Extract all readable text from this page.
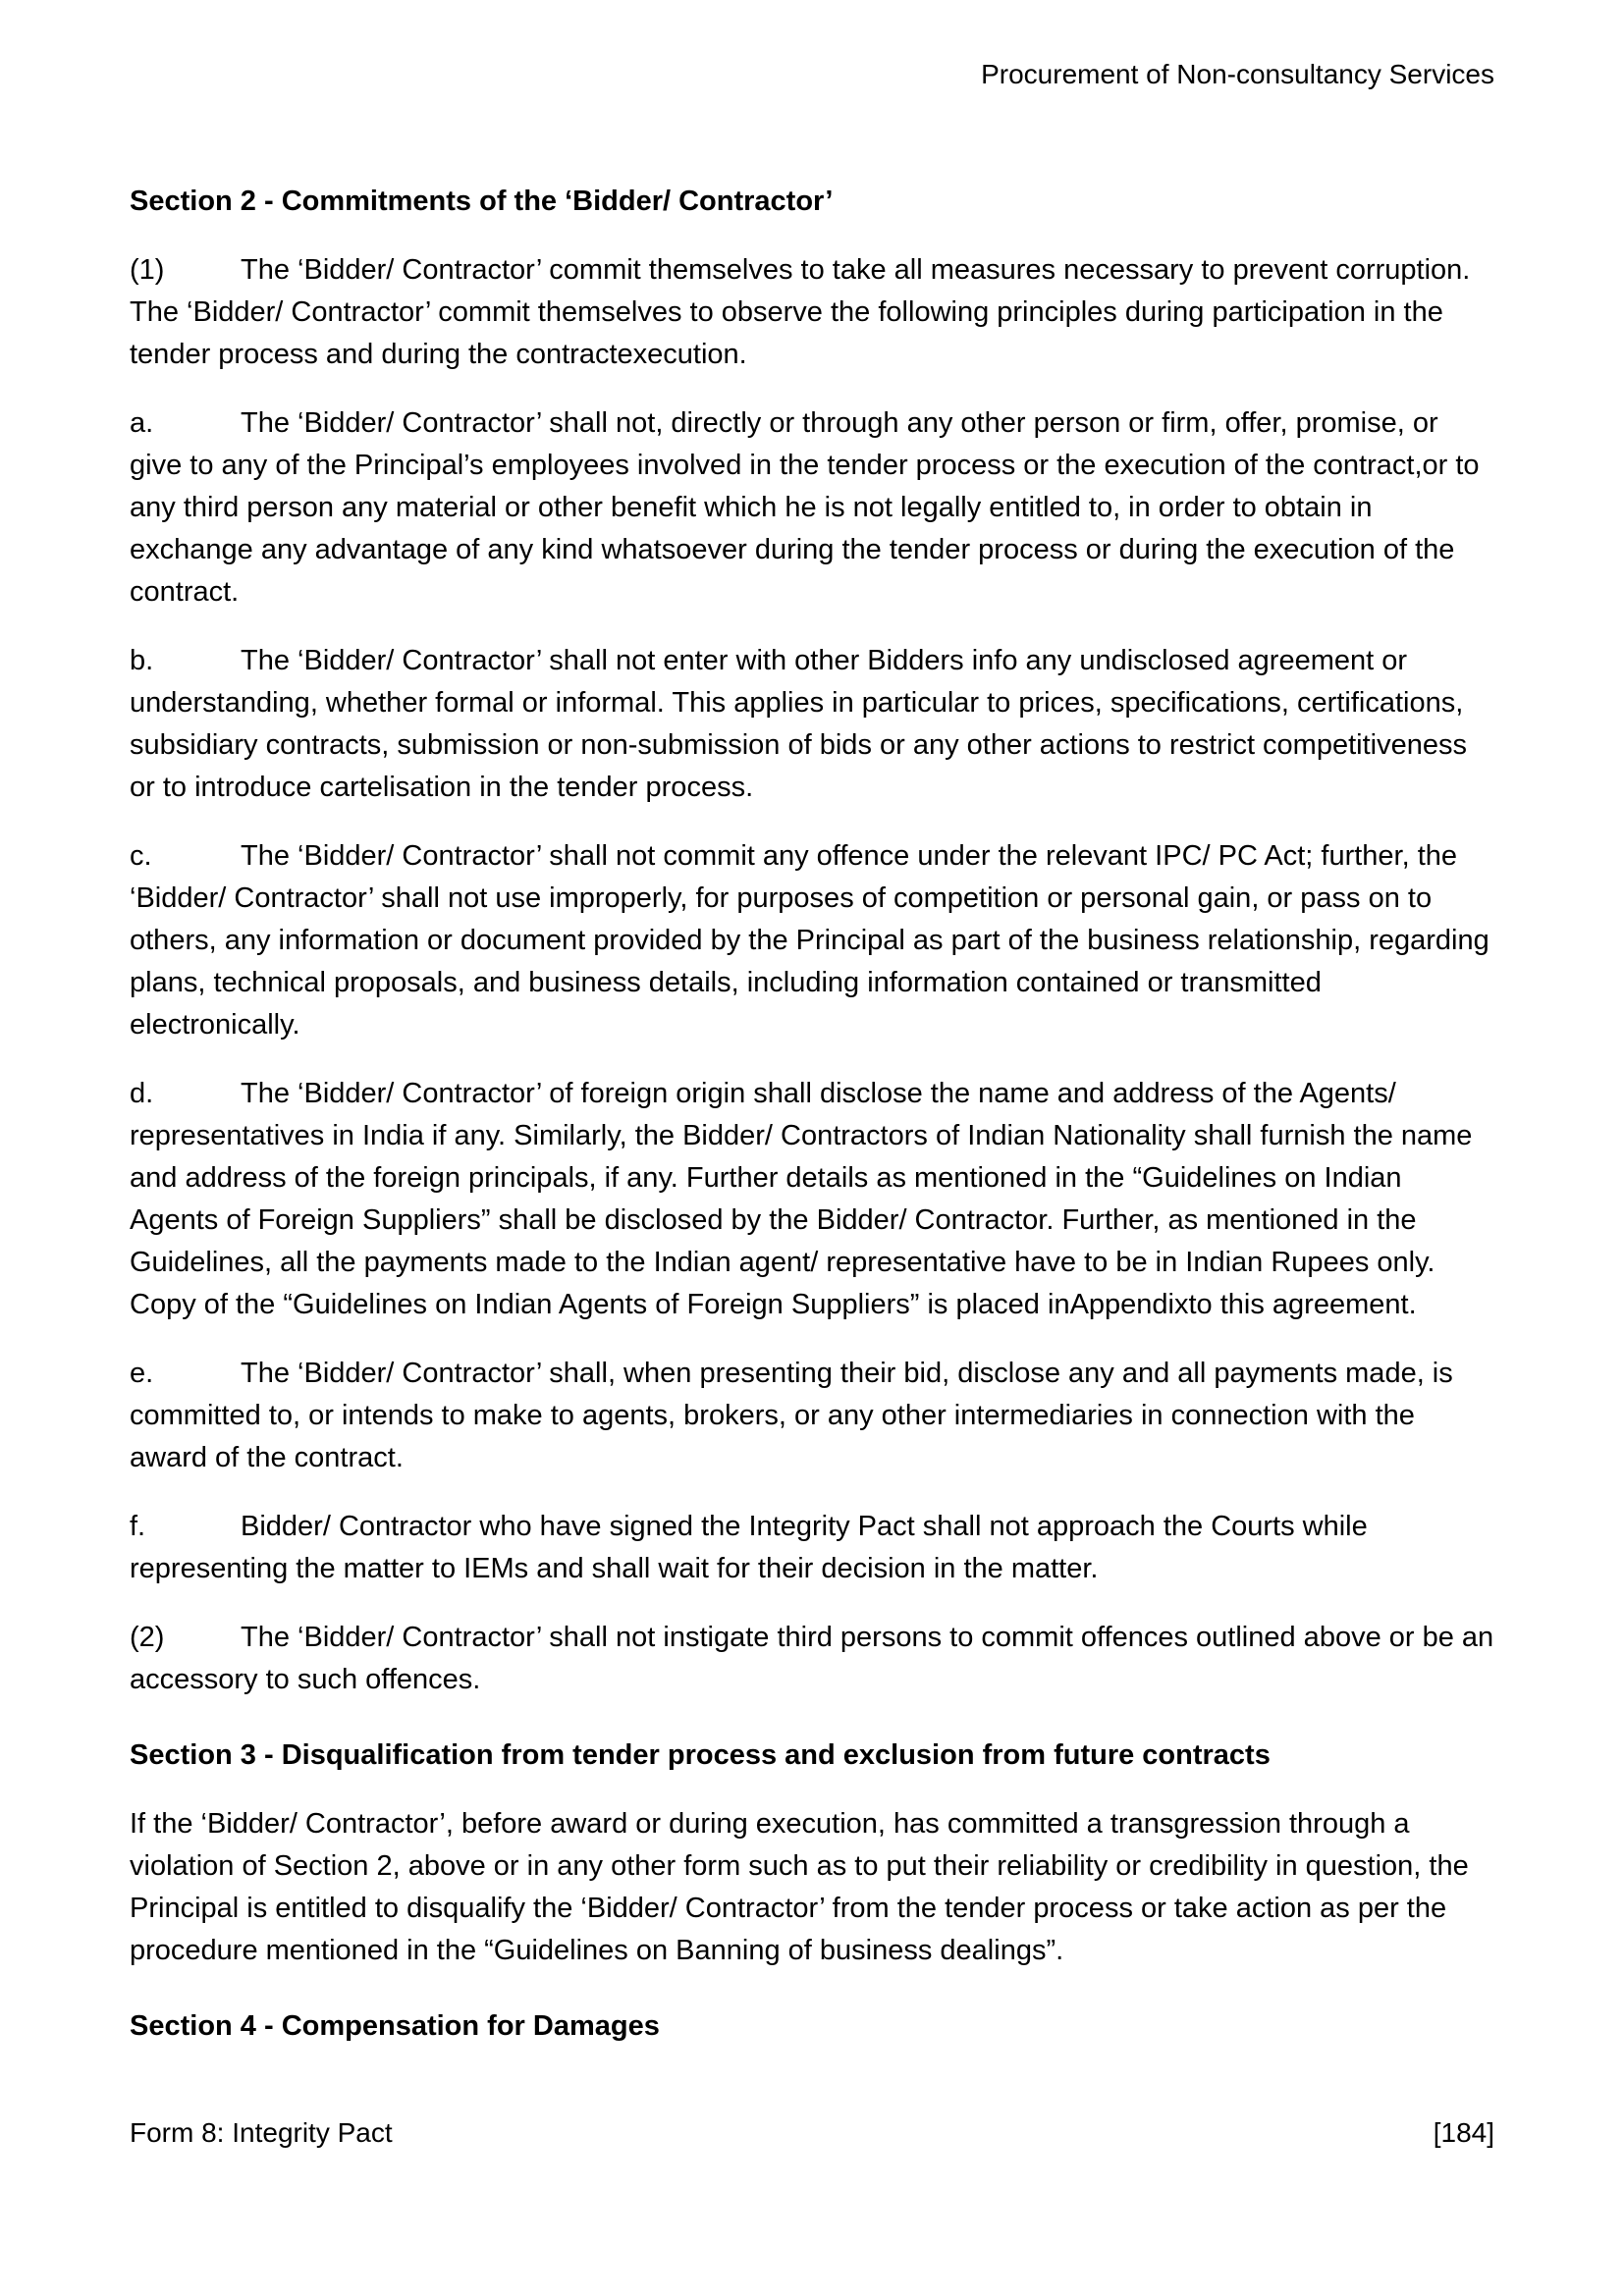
Procurement of Non-consultancy Services
Section 2 - Commitments of the ‘Bidder/ Contractor’

(1)	The ‘Bidder/ Contractor’ commit themselves to take all measures necessary to prevent corruption. The ‘Bidder/ Contractor’ commit themselves to observe the following principles during participation in the tender process and during the contractexecution.

a.	The ‘Bidder/ Contractor’ shall not, directly or through any other person or firm, offer, promise, or give to any of the Principal’s employees involved in the tender process or the execution of the contract,or to any third person any material or other benefit which he is not legally entitled to, in order to obtain in exchange any advantage of any kind whatsoever during the tender process or during the execution of the contract.

b.	The ‘Bidder/ Contractor’ shall not enter with other Bidders info any undisclosed agreement or understanding, whether formal or informal. This applies in particular to prices, specifications, certifications, subsidiary contracts, submission or non-submission of bids or any other actions to restrict competitiveness or to introduce cartelisation in the tender process.

c.	The ‘Bidder/ Contractor’ shall not commit any offence under the relevant IPC/ PC Act; further, the ‘Bidder/ Contractor’ shall not use improperly, for purposes of competition or personal gain, or pass on to others, any information or document provided by the Principal as part of the business relationship, regarding plans, technical proposals, and business details, including information contained or transmitted electronically.

d.	The ‘Bidder/ Contractor’ of foreign origin shall disclose the name and address of the Agents/ representatives in India if any. Similarly, the Bidder/ Contractors of Indian Nationality shall furnish the name and address of the foreign principals, if any. Further details as mentioned in the “Guidelines on Indian Agents of Foreign Suppliers” shall be disclosed by the Bidder/ Contractor. Further, as mentioned in the Guidelines, all the payments made to the Indian agent/ representative have to be in Indian Rupees only. Copy of the “Guidelines on Indian Agents of Foreign Suppliers” is placed inAppendixto this agreement.

e.	The ‘Bidder/ Contractor’ shall, when presenting their bid, disclose any and all payments made, is committed to, or intends to make to agents, brokers, or any other intermediaries in connection with the award of the contract.

f.	Bidder/ Contractor who have signed the Integrity Pact shall not approach the Courts while representing the matter to IEMs and shall wait for their decision in the matter.

(2)	The ‘Bidder/ Contractor’ shall not instigate third persons to commit offences outlined above or be an accessory to such offences.

Section 3 - Disqualification from tender process and exclusion from future contracts

If the ‘Bidder/ Contractor’, before award or during execution, has committed a transgression through a violation of Section 2, above or in any other form such as to put their reliability or credibility in question, the Principal is entitled to disqualify the ‘Bidder/ Contractor’ from the tender process or take action as per the procedure mentioned in the “Guidelines on Banning of business dealings”.

Section 4 - Compensation for Damages
Form 8: Integrity Pact	[184]
